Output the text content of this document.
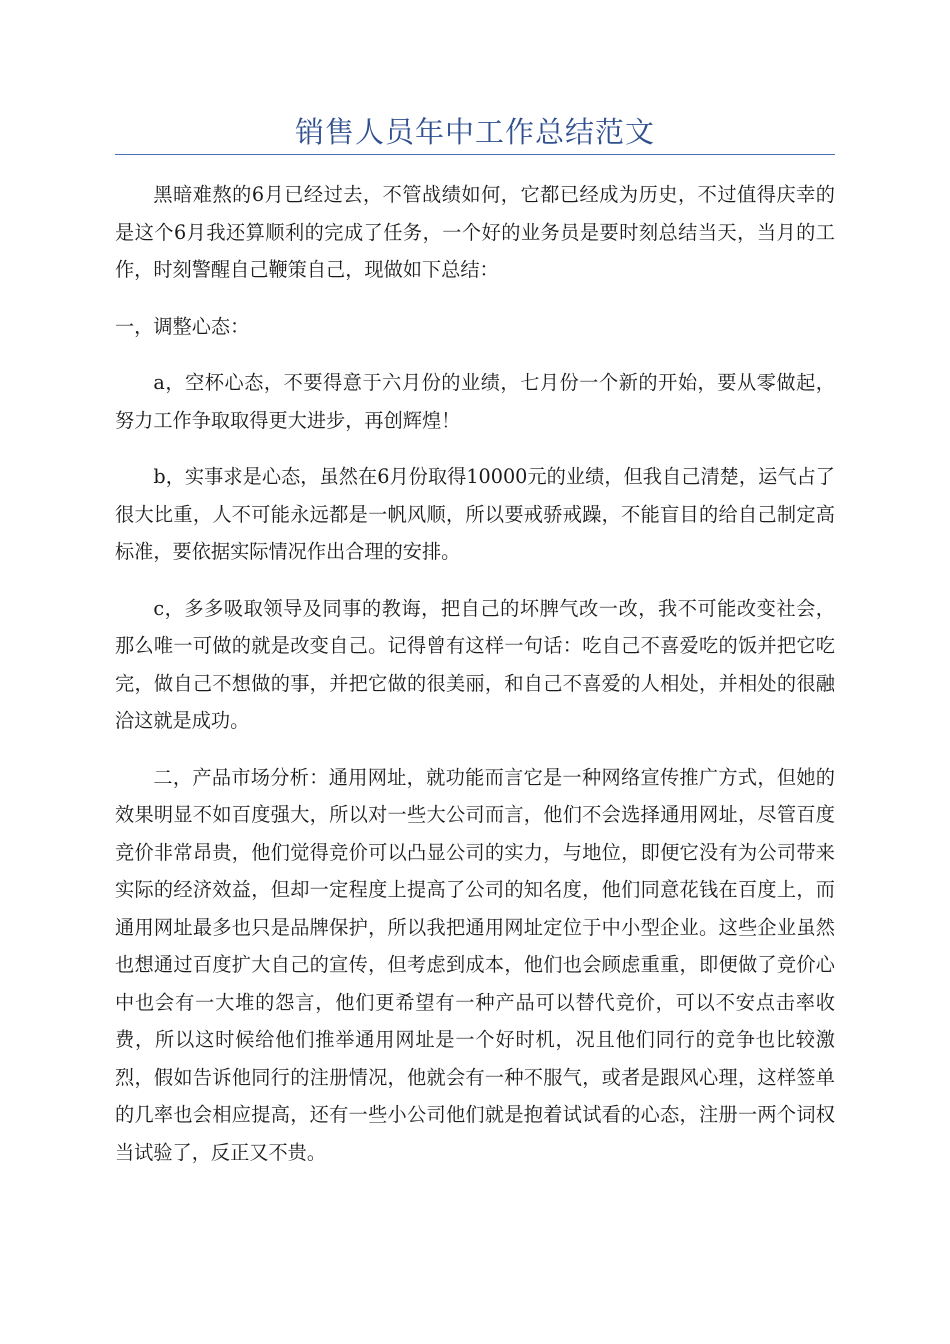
销售人员年中工作总结范文

黑暗难熬的6月已经过去，不管战绩如何，它都已经成为历史，不过值得庆幸的是这个6月我还算顺利的完成了任务，一个好的业务员是要时刻总结当天，当月的工作，时刻警醒自己鞭策自己，现做如下总结：

一，调整心态：

a，空杯心态，不要得意于六月份的业绩，七月份一个新的开始，要从零做起，努力工作争取取得更大进步，再创辉煌！

b，实事求是心态，虽然在6月份取得10000元的业绩，但我自己清楚，运气占了很大比重，人不可能永远都是一帆风顺，所以要戒骄戒躁，不能盲目的给自己制定高标准，要依据实际情况作出合理的安排。

c，多多吸取领导及同事的教诲，把自己的坏脾气改一改，我不可能改变社会，那么唯一可做的就是改变自己。记得曾有这样一句话：吃自己不喜爱吃的饭并把它吃完，做自己不想做的事，并把它做的很美丽，和自己不喜爱的人相处，并相处的很融洽这就是成功。

二，产品市场分析：通用网址，就功能而言它是一种网络宣传推广方式，但她的效果明显不如百度强大，所以对一些大公司而言，他们不会选择通用网址，尽管百度竞价非常昂贵，他们觉得竞价可以凸显公司的实力，与地位，即便它没有为公司带来实际的经济效益，但却一定程度上提高了公司的知名度，他们同意花钱在百度上，而通用网址最多也只是品牌保护，所以我把通用网址定位于中小型企业。这些企业虽然也想通过百度扩大自己的宣传，但考虑到成本，他们也会顾虑重重，即便做了竞价心中也会有一大堆的怨言，他们更希望有一种产品可以替代竞价，可以不安点击率收费，所以这时候给他们推举通用网址是一个好时机，况且他们同行的竞争也比较激烈，假如告诉他同行的注册情况，他就会有一种不服气，或者是跟风心理，这样签单的几率也会相应提高，还有一些小公司他们就是抱着试试看的心态，注册一两个词权当试验了，反正又不贵。
